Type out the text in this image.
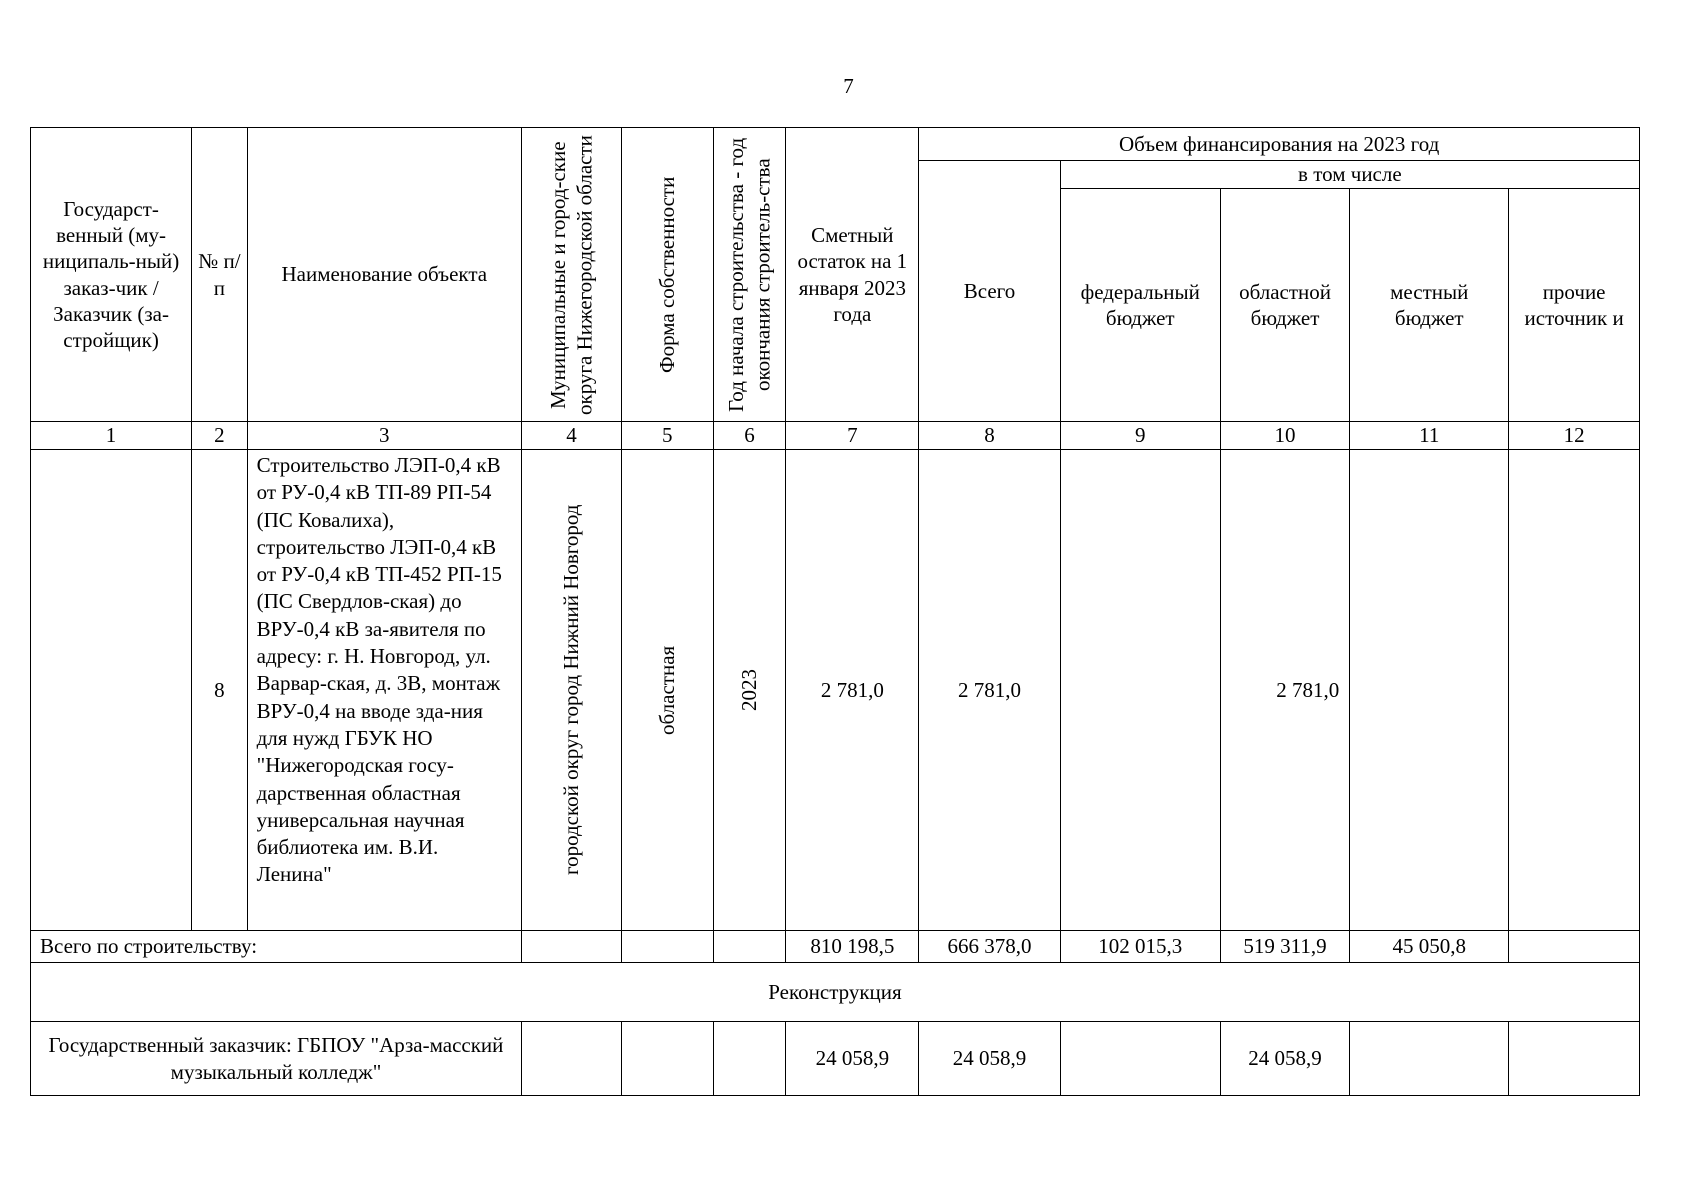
7
Государст-венный (му-ниципаль-ный) заказ-чик / Заказчик (за-стройщик)	№ п/п	Наименование объекта	Муниципальные и город-ские округа Нижегородской области	Форма собственности	Год начала строительства - год окончания строитель-ства	Сметный остаток на 1 января 2023 года	Объем финансирования на 2023 год				
							Всего	в том числе			
								федеральный бюджет	областной бюджет	местный бюджет	прочие источник и
1	2	3	4	5	6	7	8	9	10	11	12
	8	Строительство ЛЭП-0,4 кВ от РУ-0,4 кВ ТП-89 РП-54 (ПС Ковалиха), строительство ЛЭП-0,4 кВ от РУ-0,4 кВ ТП-452 РП-15 (ПС Свердлов-ская) до ВРУ-0,4 кВ за-явителя по адресу: г. Н. Новгород, ул. Варвар-ская, д. 3В, монтаж ВРУ-0,4 на вводе зда-ния для нужд ГБУК НО "Нижегородская госу-дарственная областная универсальная научная библиотека им. В.И. Ленина"	городской округ город Нижний Новгород	областная	2023	2 781,0	2 781,0		2 781,0		
Всего по строительству:						810 198,5	666 378,0	102 015,3	519 311,9	45 050,8	
Реконструкция											
Государственный заказчик: ГБПОУ "Арза-масский музыкальный колледж"						24 058,9	24 058,9		24 058,9		
